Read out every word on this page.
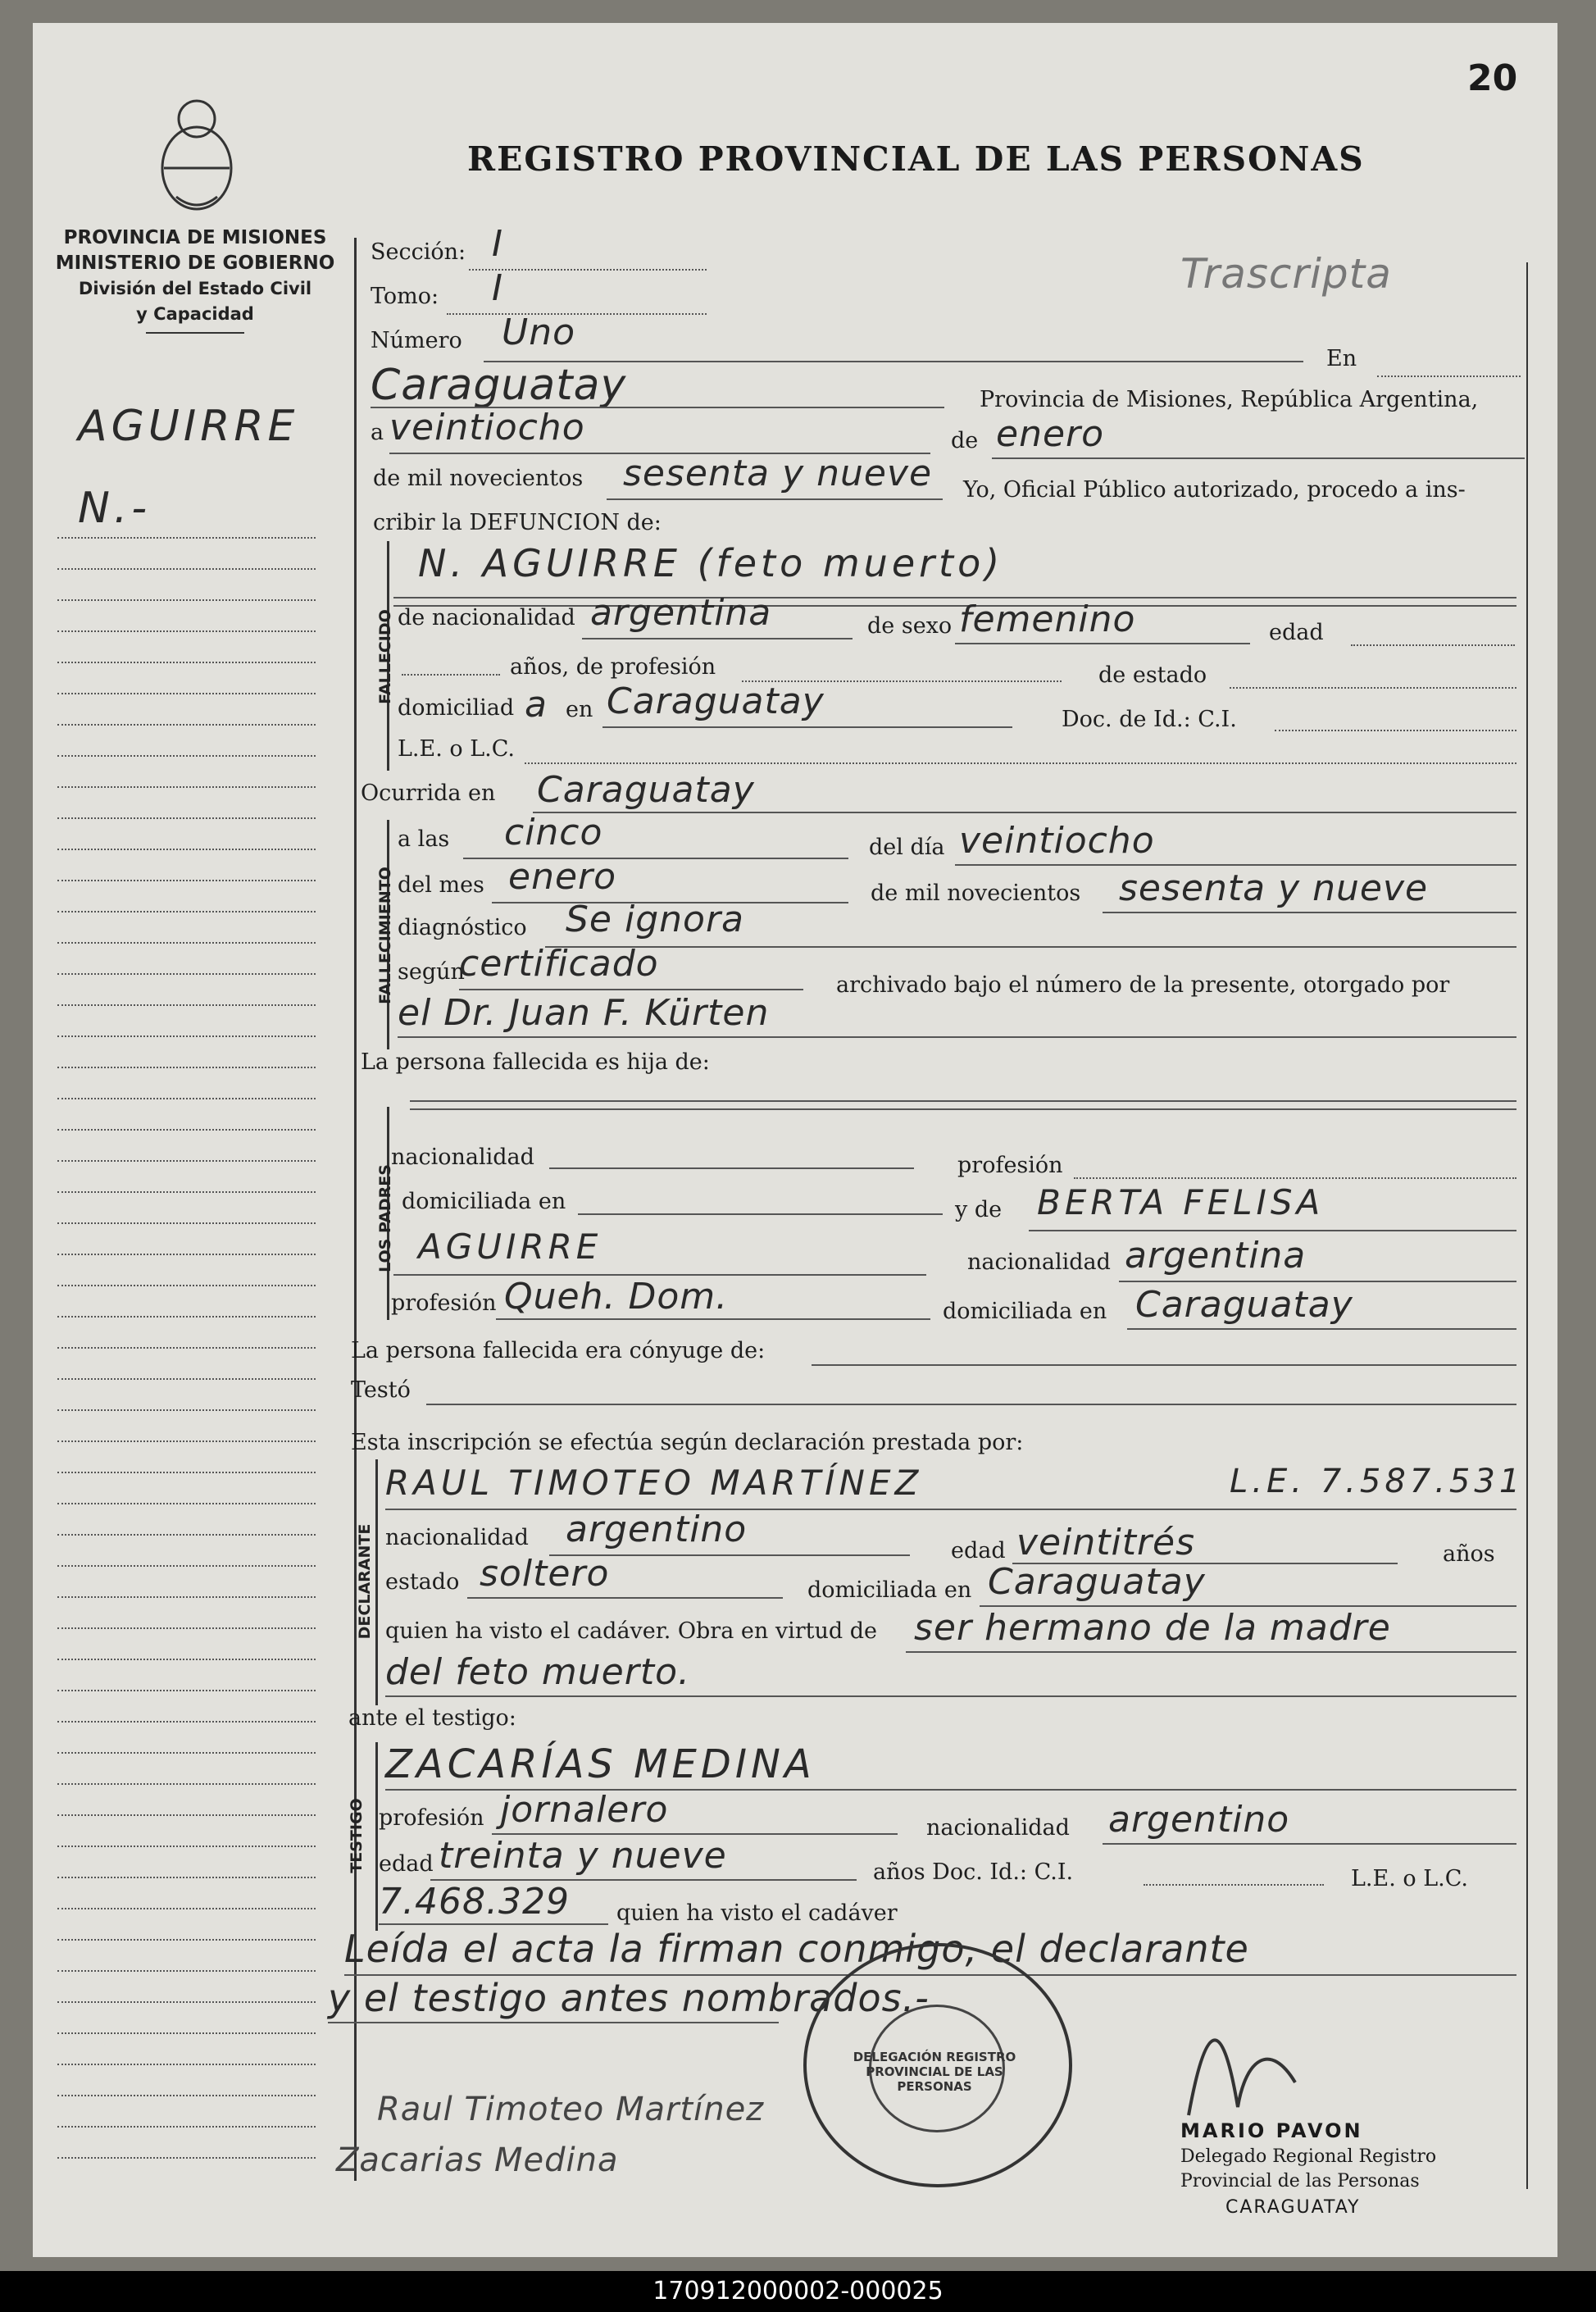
20
REGISTRO PROVINCIAL DE LAS PERSONAS
PROVINCIA DE MISIONES
MINISTERIO DE GOBIERNO
División del Estado Civil
y Capacidad
Trascripta
AGUIRRE
N.-
Sección: I
Tomo: I
Número Uno
En
Caraguatay	Provincia de Misiones, República Argentina,
a veintiocho	de enero
de mil novecientos sesenta y nueve Yo, Oficial Público autorizado, procedo a ins-
cribir la DEFUNCION de:
FALLECIDO
N. AGUIRRE (feto muerto)
de nacionalidad argentina	de sexo femenino	edad
años, de profesión	de estado
domiciliad a en Caraguatay	Doc. de Id.: C.I.
L.E. o L.C.
Ocurrida en Caraguatay
FALLECIMIENTO
a las cinco	del día veintiocho
del mes enero	de mil novecientos sesenta y nueve
diagnóstico Se ignora
según
certificado
archivado bajo el número de la presente, otorgado por
el Dr. Juan F. Kürten
La persona fallecida es hija de:
LOS PADRES
nacionalidad	profesión
domiciliada en	y de BERTA FELISA
AGUIRRE	nacionalidad argentina
profesión Queh. Dom.	domiciliada en Caraguatay
La persona fallecida era cónyuge de:
Testó
Esta inscripción se efectúa según declaración prestada por:
DECLARANTE
RAUL TIMOTEO MARTÍNEZ	L.E. 7.587.531
nacionalidad argentino
edad veintitrés	años
estado soltero	domiciliada en Caraguatay
quien ha visto el cadáver. Obra en virtud de ser hermano de la madre
del feto muerto.
ante el testigo:
TESTIGO
ZACARÍAS MEDINA
profesión jornalero	nacionalidad argentino
edad treinta y nueve	años Doc. Id.: C.I.	L.E. o L.C.
7.468.329 quien ha visto el cadáver
Leída el acta la firman conmigo, el declarante
y el testigo antes nombrados.-
DELEGACIÓN REGISTRO PROVINCIAL DE LAS PERSONAS
Raul Timoteo Martínez
Zacarias Medina
MARIO PAVON
Delegado Regional Registro
Provincial de las Personas
CARAGUATAY
170912000002-000025
